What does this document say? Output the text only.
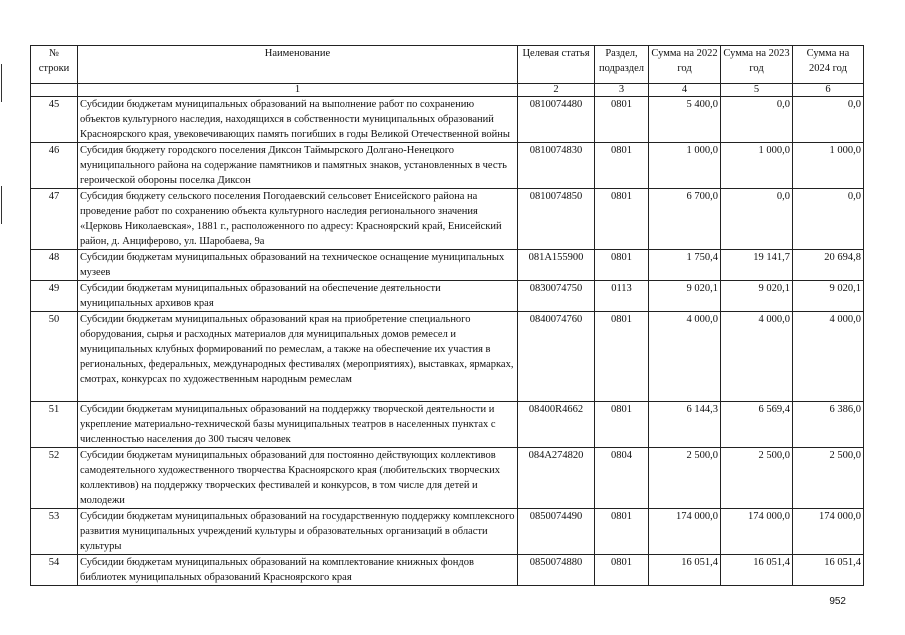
№ строки	Наименование	Целевая статья	Раздел, подраздел	Сумма на 2022 год	Сумма на 2023 год	Сумма на 2024 год
	1	2	3	4	5	6
45	Субсидии бюджетам муниципальных образований на выполнение работ по сохранению объектов культурного наследия, находящихся в собственности муниципальных образований Красноярского края, увековечивающих память погибших в годы Великой Отечественной войны	0810074480	0801	5 400,0	0,0	0,0
46	Субсидия бюджету городского поселения Диксон Таймырского Долгано-Ненецкого муниципального района на содержание памятников и памятных знаков, установленных в честь героической обороны поселка Диксон	0810074830	0801	1 000,0	1 000,0	1 000,0
47	Субсидия бюджету сельского поселения Погодаевский сельсовет Енисейского района на проведение работ по сохранению объекта культурного наследия регионального значения «Церковь Николаевская», 1881 г., расположенного по адресу: Красноярский край, Енисейский район, д. Анциферово, ул. Шаробаева, 9а	0810074850	0801	6 700,0	0,0	0,0
48	Субсидии бюджетам муниципальных образований на техническое оснащение муниципальных музеев	081А155900	0801	1 750,4	19 141,7	20 694,8
49	Субсидии бюджетам муниципальных образований на обеспечение деятельности муниципальных архивов края	0830074750	0113	9 020,1	9 020,1	9 020,1
50	Субсидии бюджетам муниципальных образований края на приобретение специального оборудования, сырья и расходных материалов для муниципальных домов ремесел и муниципальных клубных формирований по ремеслам, а также на обеспечение их участия в региональных, федеральных, международных фестивалях (мероприятиях), выставках, ярмарках, смотрах, конкурсах по художественным народным ремеслам	0840074760	0801	4 000,0	4 000,0	4 000,0
51	Субсидии бюджетам муниципальных образований на поддержку творческой деятельности и укрепление материально-технической базы муниципальных театров в населенных пунктах с численностью населения до 300 тысяч человек	08400R4662	0801	6 144,3	6 569,4	6 386,0
52	Субсидии бюджетам муниципальных образований для постоянно действующих коллективов самодеятельного художественного творчества Красноярского края (любительских творческих коллективов) на поддержку творческих фестивалей и конкурсов, в том числе для детей и молодежи	084А274820	0804	2 500,0	2 500,0	2 500,0
53	Субсидии бюджетам муниципальных образований на государственную поддержку комплексного развития муниципальных учреждений культуры и образовательных организаций в области культуры	0850074490	0801	174 000,0	174 000,0	174 000,0
54	Субсидии бюджетам муниципальных образований на комплектование книжных фондов библиотек муниципальных образований Красноярского края	0850074880	0801	16 051,4	16 051,4	16 051,4
952
